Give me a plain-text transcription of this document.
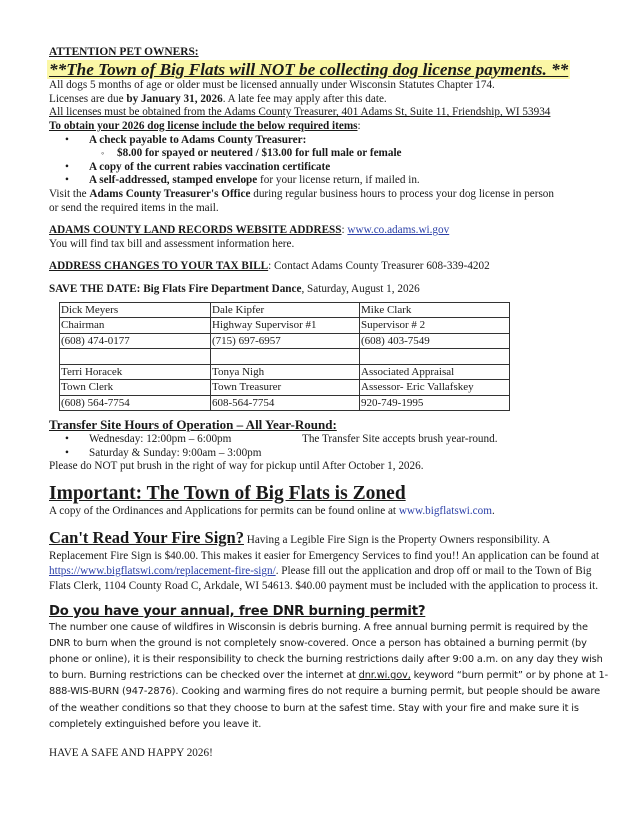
ATTENTION PET OWNERS:
**The Town of Big Flats will NOT be collecting dog license payments. **
All dogs 5 months of age or older must be licensed annually under Wisconsin Statutes Chapter 174.
Licenses are due by January 31, 2026. A late fee may apply after this date.
All licenses must be obtained from the Adams County Treasurer, 401 Adams St, Suite 11, Friendship, WI 53934
To obtain your 2026 dog license include the below required items:
• A check payable to Adams County Treasurer:
◦ $8.00 for spayed or neutered / $13.00 for full male or female
• A copy of the current rabies vaccination certificate
• A self-addressed, stamped envelope for your license return, if mailed in.
Visit the Adams County Treasurer's Office during regular business hours to process your dog license in person
or send the required items in the mail.
ADAMS COUNTY LAND RECORDS WEBSITE ADDRESS: www.co.adams.wi.gov
You will find tax bill and assessment information here.
ADDRESS CHANGES TO YOUR TAX BILL: Contact Adams County Treasurer 608-339-4202
SAVE THE DATE: Big Flats Fire Department Dance, Saturday, August 1, 2026
Dick Meyers	Dale Kipfer	Mike Clark
Chairman	Highway Supervisor #1	Supervisor # 2
(608) 474-0177	(715) 697-6957	(608) 403-7549

Terri Horacek	Tonya Nigh	Associated Appraisal
Town Clerk	Town Treasurer	Assessor- Eric Vallafskey
(608) 564-7754	608-564-7754	920-749-1995
Transfer Site Hours of Operation – All Year-Round:
• Wednesday: 12:00pm – 6:00pm
• Saturday & Sunday: 9:00am – 3:00pm
The Transfer Site accepts brush year-round.
Please do NOT put brush in the right of way for pickup until After October 1, 2026.
Important: The Town of Big Flats is Zoned
A copy of the Ordinances and Applications for permits can be found online at www.bigflatswi.com.
Can't Read Your Fire Sign? Having a Legible Fire Sign is the Property Owners responsibility. A Replacement Fire Sign is $40.00. This makes it easier for Emergency Services to find you!! An application can be found at https://www.bigflatswi.com/replacement-fire-sign/. Please fill out the application and drop off or mail to the Town of Big Flats Clerk, 1104 County Road C, Arkdale, WI 54613. $40.00 payment must be included with the application to process it.
Do you have your annual, free DNR burning permit?
The number one cause of wildfires in Wisconsin is debris burning. A free annual burning permit is required by the DNR to burn when the ground is not completely snow-covered. Once a person has obtained a burning permit (by phone or online), it is their responsibility to check the burning restrictions daily after 9:00 a.m. on any day they wish to burn. Burning restrictions can be checked over the internet at dnr.wi.gov, keyword “burn permit” or by phone at 1-888-WIS-BURN (947-2876). Cooking and warming fires do not require a burning permit, but people should be aware of the weather conditions so that they choose to burn at the safest time. Stay with your fire and make sure it is completely extinguished before you leave it.
HAVE A SAFE AND HAPPY 2026!
